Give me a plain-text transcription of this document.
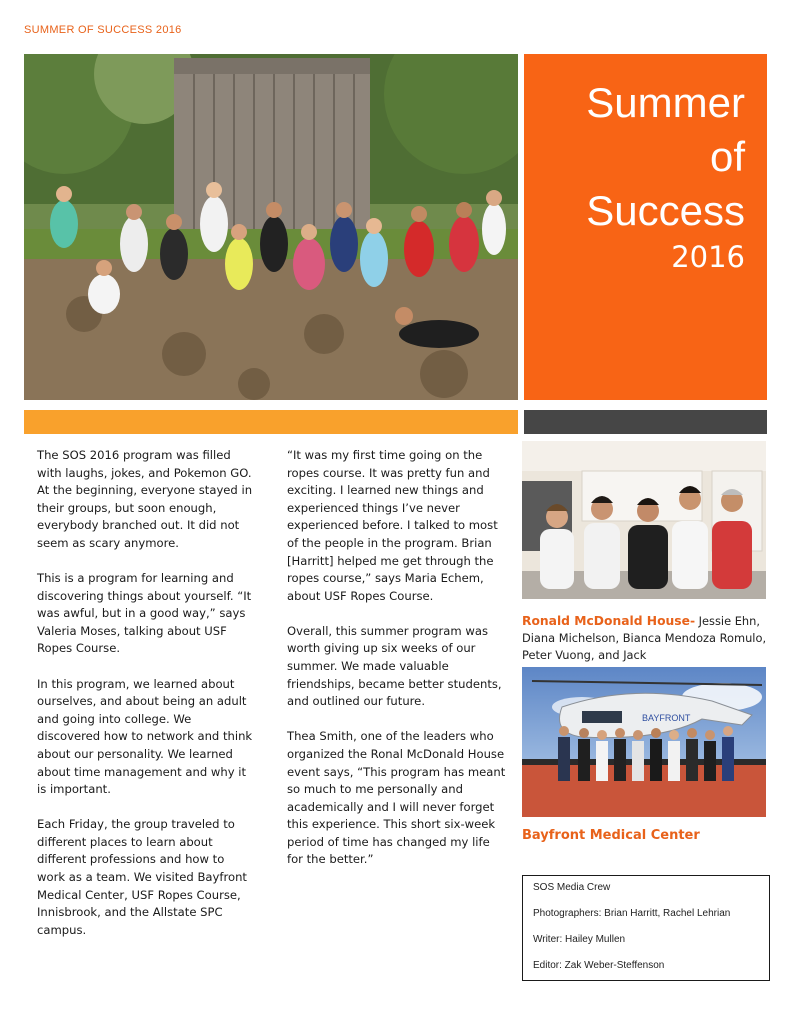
SUMMER OF SUCCESS 2016
Summer
of
Success
2016

The SOS 2016 program was filled with laughs, jokes, and Pokemon GO. At the beginning, everyone stayed in their groups, but soon enough, everybody branched out. It did not seem as scary anymore.

This is a program for learning and discovering things about yourself. “It was awful, but in a good way,” says Valeria Moses, talking about USF Ropes Course.

In this program, we learned about ourselves, and about being an adult and going into college. We discovered how to network and think about our personality. We learned about time management and why it is important.

Each Friday, the group traveled to different places to learn about different professions and how to work as a team. We visited Bayfront Medical Center, USF Ropes Course, Innisbrook, and the Allstate SPC campus.

“It was my first time going on the ropes course. It was pretty fun and exciting. I learned new things and experienced things I’ve never experienced before. I talked to most of the people in the program. Brian [Harritt] helped me get through the ropes course,” says Maria Echem, about USF Ropes Course.

Overall, this summer program was worth giving up six weeks of our summer. We made valuable friendships, became better students, and outlined our future.

Thea Smith, one of the leaders who organized the Ronal McDonald House event says, “This program has meant so much to me personally and academically and I will never forget this experience. This short six-week period of time has changed my life for the better.”

Ronald McDonald House- Jessie Ehn, Diana Michelson, Bianca Mendoza Romulo, Peter Vuong, and Jack
BAYFRONT
Bayfront Medical Center
SOS Media Crew
Photographers: Brian Harritt, Rachel Lehrian
Writer: Hailey Mullen
Editor: Zak Weber-Steffenson
